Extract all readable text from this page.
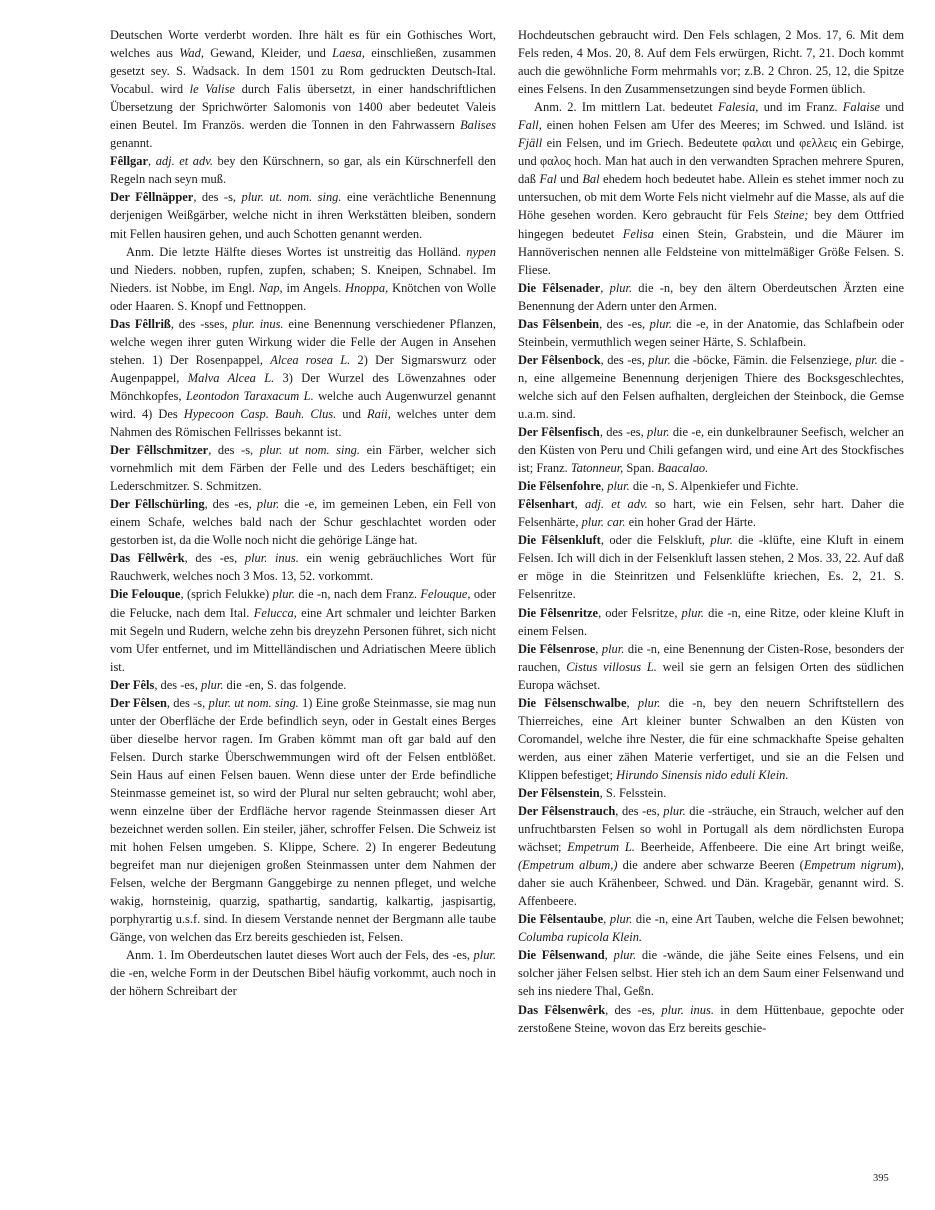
Deutschen Worte verderbt worden. Ihre hält es für ein Gothisches Wort, welches aus Wad, Gewand, Kleider, und Laesa, einschließen, zusammen gesetzt sey. S. Wadsack. In dem 1501 zu Rom gedruckten Deutsch-Ital. Vocabul. wird le Valise durch Falis übersetzt, in einer handschriftlichen Übersetzung der Sprichwörter Salomonis von 1400 aber bedeutet Valeis einen Beutel. Im Französ. werden die Tonnen in den Fahrwassern Balises genannt.

Fêllgar, adj. et adv. bey den Kürschnern, so gar, als ein Kürschnerfell den Regeln nach seyn muß.

Der Fêllnäpper, des -s, plur. ut. nom. sing. eine verächtliche Benennung derjenigen Weißgärber, welche nicht in ihren Werkstätten bleiben, sondern mit Fellen hausiren gehen, und auch Schotten genannt werden.

Anm. Die letzte Hälfte dieses Wortes ist unstreitig das Holländ. nypen und Nieders. nobben, rupfen, zupfen, schaben; S. Kneipen, Schnabel. Im Nieders. ist Nobbe, im Engl. Nap, im Angels. Hnoppa, Knötchen von Wolle oder Haaren. S. Knopf und Fettnoppen.

Das Fêllriß, des -sses, plur. inus. eine Benennung verschiedener Pflanzen, welche wegen ihrer guten Wirkung wider die Felle der Augen in Ansehen stehen. 1) Der Rosenpappel, Alcea rosea L. 2) Der Sigmarswurz oder Augenpappel, Malva Alcea L. 3) Der Wurzel des Löwenzahnes oder Mönchkopfes, Leontodon Taraxacum L. welche auch Augenwurzel genannt wird. 4) Des Hypecoon Casp. Bauh. Clus. und Raii, welches unter dem Nahmen des Römischen Fellrisses bekannt ist.

Der Fêllschmitzer, des -s, plur. ut nom. sing. ein Färber, welcher sich vornehmlich mit dem Färben der Felle und des Leders beschäftiget; ein Lederschmitzer. S. Schmitzen.

Der Fêllschürling, des -es, plur. die -e, im gemeinen Leben, ein Fell von einem Schafe, welches bald nach der Schur geschlachtet worden oder gestorben ist, da die Wolle noch nicht die gehörige Länge hat.

Das Fêllwêrk, des -es, plur. inus. ein wenig gebräuchliches Wort für Rauchwerk, welches noch 3 Mos. 13, 52. vorkommt.

Die Felouque, (sprich Felukke) plur. die -n, nach dem Franz. Felouque, oder die Felucke, nach dem Ital. Felucca, eine Art schmaler und leichter Barken mit Segeln und Rudern, welche zehn bis dreyzehn Personen führet, sich nicht vom Ufer entfernet, und im Mittelländischen und Adriatischen Meere üblich ist.

Der Fêls, des -es, plur. die -en, S. das folgende.

Der Fêlsen, des -s, plur. ut nom. sing. 1) Eine große Steinmasse, sie mag nun unter der Oberfläche der Erde befindlich seyn, oder in Gestalt eines Berges über dieselbe hervor ragen. Im Graben kömmt man oft gar bald auf den Felsen. Durch starke Überschwemmungen wird oft der Felsen entblößet. Sein Haus auf einen Felsen bauen. Wenn diese unter der Erde befindliche Steinmasse gemeinet ist, so wird der Plural nur selten gebraucht; wohl aber, wenn einzelne über der Erdfläche hervor ragende Steinmassen dieser Art bezeichnet werden sollen. Ein steiler, jäher, schroffer Felsen. Die Schweiz ist mit hohen Felsen umgeben. S. Klippe, Schere. 2) In engerer Bedeutung begreifet man nur diejenigen großen Steinmassen unter dem Nahmen der Felsen, welche der Bergmann Ganggebirge zu nennen pfleget, und welche wakig, hornsteinig, quarzig, spathartig, sandartig, kalkartig, jaspisartig, porphyrartig u.s.f. sind. In diesem Verstande nennet der Bergmann alle taube Gänge, von welchen das Erz bereits geschieden ist, Felsen.

Anm. 1. Im Oberdeutschen lautet dieses Wort auch der Fels, des -es, plur. die -en, welche Form in der Deutschen Bibel häufig vorkommt, auch noch in der höhern Schreibart der

Hochdeutschen gebraucht wird. Den Fels schlagen, 2 Mos. 17, 6. Mit dem Fels reden, 4 Mos. 20, 8. Auf dem Fels erwürgen, Richt. 7, 21. Doch kommt auch die gewöhnliche Form mehrmahls vor; z.B. 2 Chron. 25, 12, die Spitze eines Felsens. In den Zusammensetzungen sind beyde Formen üblich.

Anm. 2. Im mittlern Lat. bedeutet Falesia, und im Franz. Falaise und Fall, einen hohen Felsen am Ufer des Meeres; im Schwed. und Isländ. ist Fjäll ein Felsen, und im Griech. Bedeutete φαλαι und φελλεις ein Gebirge, und φαλος hoch. Man hat auch in den verwandten Sprachen mehrere Spuren, daß Fal und Bal ehedem hoch bedeutet habe. Allein es stehet immer noch zu untersuchen, ob mit dem Worte Fels nicht vielmehr auf die Masse, als auf die Höhe gesehen worden. Kero gebraucht für Fels Steine; bey dem Ottfried hingegen bedeutet Felisa einen Stein, Grabstein, und die Mäurer im Hannöverischen nennen alle Feldsteine von mittelmäßiger Größe Felsen. S. Fliese.

Die Fêlsenader, plur. die -n, bey den ältern Oberdeutschen Ärzten eine Benennung der Adern unter den Armen.

Das Fêlsenbein, des -es, plur. die -e, in der Anatomie, das Schlafbein oder Steinbein, vermuthlich wegen seiner Härte, S. Schlafbein.

Der Fêlsenbock, des -es, plur. die -böcke, Fämin. die Felsenziege, plur. die -n, eine allgemeine Benennung derjenigen Thiere des Bocksgeschlechtes, welche sich auf den Felsen aufhalten, dergleichen der Steinbock, die Gemse u.a.m. sind.

Der Fêlsenfisch, des -es, plur. die -e, ein dunkelbrauner Seefisch, welcher an den Küsten von Peru und Chili gefangen wird, und eine Art des Stockfisches ist; Franz. Tatonneur, Span. Baacalao.

Die Fêlsenfohre, plur. die -n, S. Alpenkiefer und Fichte.

Fêlsenhart, adj. et adv. so hart, wie ein Felsen, sehr hart. Daher die Felsenhärte, plur. car. ein hoher Grad der Härte.

Die Fêlsenkluft, oder die Felskluft, plur. die -klüfte, eine Kluft in einem Felsen. Ich will dich in der Felsenkluft lassen stehen, 2 Mos. 33, 22. Auf daß er möge in die Steinritzen und Felsenklüfte kriechen, Es. 2, 21. S. Felsenritze.

Die Fêlsenritze, oder Felsritze, plur. die -n, eine Ritze, oder kleine Kluft in einem Felsen.

Die Fêlsenrose, plur. die -n, eine Benennung der Cisten-Rose, besonders der rauchen, Cistus villosus L. weil sie gern an felsigen Orten des südlichen Europa wächset.

Die Fêlsenschwalbe, plur. die -n, bey den neuern Schriftstellern des Thierreiches, eine Art kleiner bunter Schwalben an den Küsten von Coromandel, welche ihre Nester, die für eine schmackhafte Speise gehalten werden, aus einer zähen Materie verfertiget, und sie an die Felsen und Klippen befestiget; Hirundo Sinensis nido eduli Klein.

Der Fêlsenstein, S. Felsstein.

Der Fêlsenstrauch, des -es, plur. die -sträuche, ein Strauch, welcher auf den unfruchtbarsten Felsen so wohl in Portugall als dem nördlichsten Europa wächset; Empetrum L. Beerheide, Affenbeere. Die eine Art bringt weiße, (Empetrum album,) die andere aber schwarze Beeren (Empetrum nigrum), daher sie auch Krähenbeer, Schwed. und Dän. Kragebär, genannt wird. S. Affenbeere.

Die Fêlsentaube, plur. die -n, eine Art Tauben, welche die Felsen bewohnet; Columba rupicola Klein.

Die Fêlsenwand, plur. die -wände, die jähe Seite eines Felsens, und ein solcher jäher Felsen selbst. Hier steh ich an dem Saum einer Felsenwand und seh ins niedere Thal, Geßn.

Das Fêlsenwêrk, des -es, plur. inus. in dem Hüttenbaue, gepochte oder zerstoßene Steine, wovon das Erz bereits geschie-

395
